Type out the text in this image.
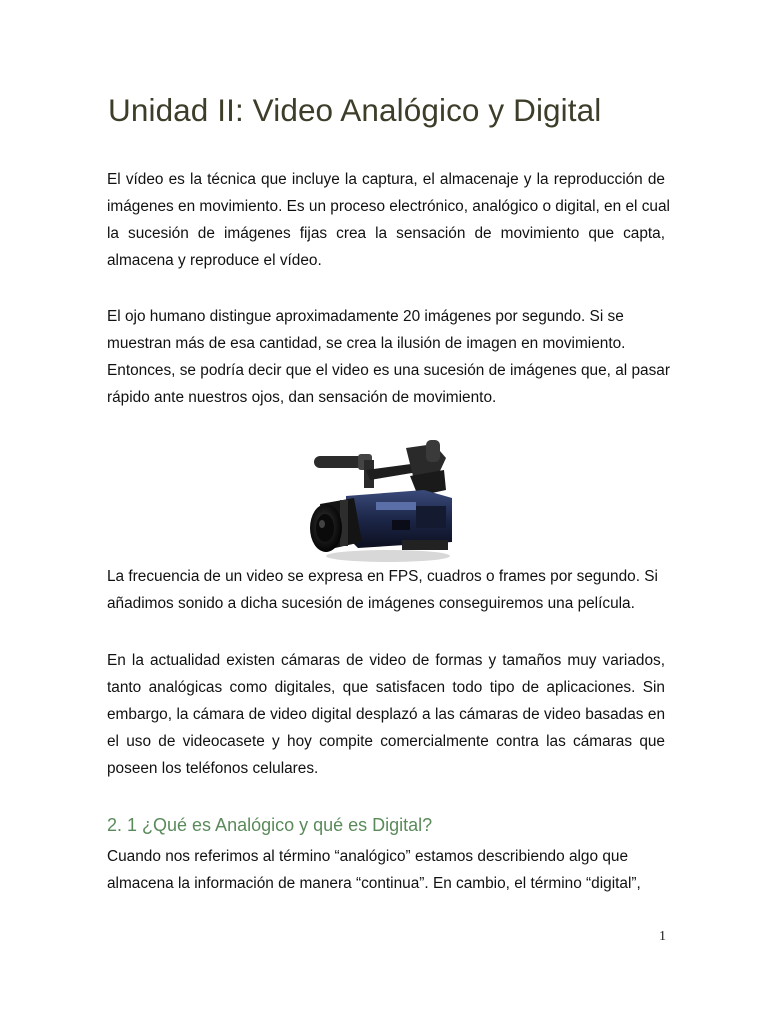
Unidad II: Video Analógico y Digital
El vídeo es la técnica que incluye la captura, el almacenaje y la reproducción de
imágenes en movimiento. Es un proceso electrónico, analógico o digital, en el cual
la sucesión de imágenes fijas crea la sensación de movimiento que capta,
almacena y reproduce el vídeo.
El ojo humano distingue aproximadamente 20 imágenes por segundo. Si se
muestran más de esa cantidad, se crea la ilusión de imagen en movimiento.
Entonces, se podría decir que el video es una sucesión de imágenes que, al pasar
rápido ante nuestros ojos, dan sensación de movimiento.
La frecuencia de un video se expresa en FPS, cuadros o frames por segundo. Si
añadimos sonido a dicha sucesión de imágenes conseguiremos una película.
En la actualidad existen cámaras de video de formas y tamaños muy variados,
tanto analógicas como digitales, que satisfacen todo tipo de aplicaciones. Sin
embargo, la cámara de video digital desplazó a las cámaras de video basadas en
el uso de videocasete y hoy compite comercialmente contra las cámaras que
poseen los teléfonos celulares.
2. 1 ¿Qué es Analógico y qué es Digital?
Cuando nos referimos al término “analógico” estamos describiendo algo que
almacena la información de manera “continua”. En cambio, el término “digital”,

1
